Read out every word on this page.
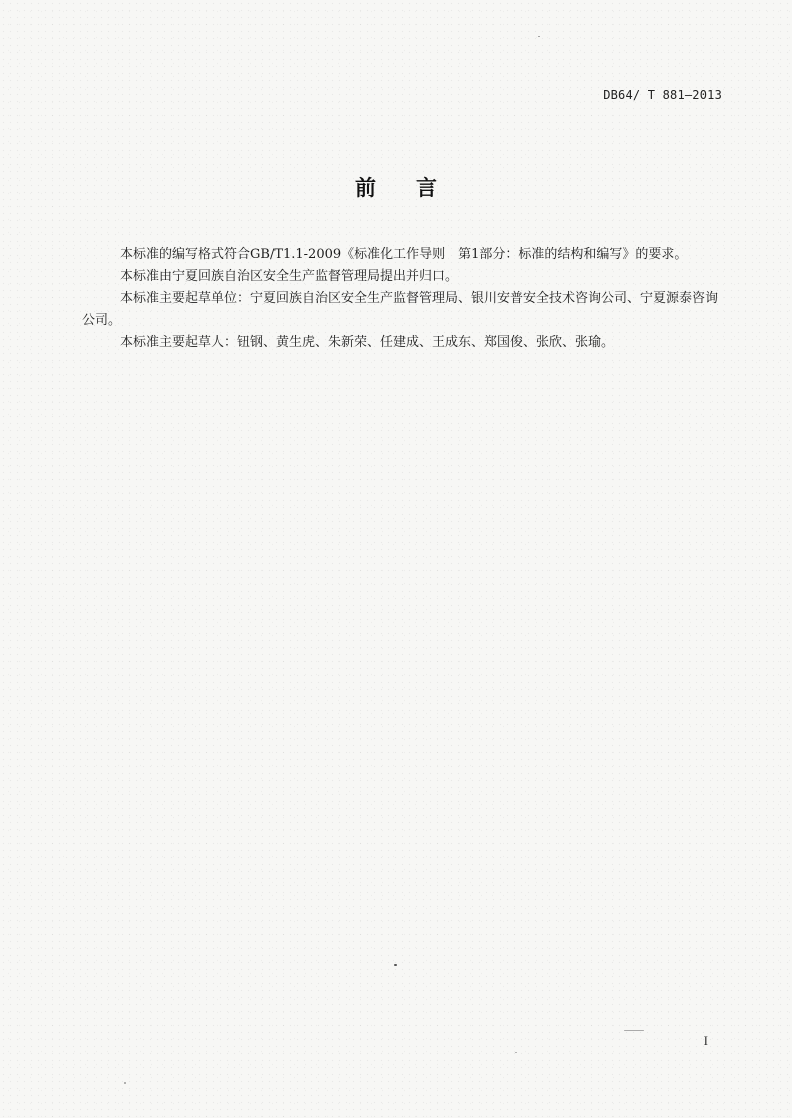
DB64/ T 881—2013
前言

本标准的编写格式符合GB/T1.1-2009《标准化工作导则　第1部分：标准的结构和编写》的要求。

本标准由宁夏回族自治区安全生产监督管理局提出并归口。

本标准主要起草单位：宁夏回族自治区安全生产监督管理局、银川安普安全技术咨询公司、宁夏源泰咨询公司。

本标准主要起草人：钮钢、黄生虎、朱新荣、任建成、王成东、郑国俊、张欣、张瑜。

I
